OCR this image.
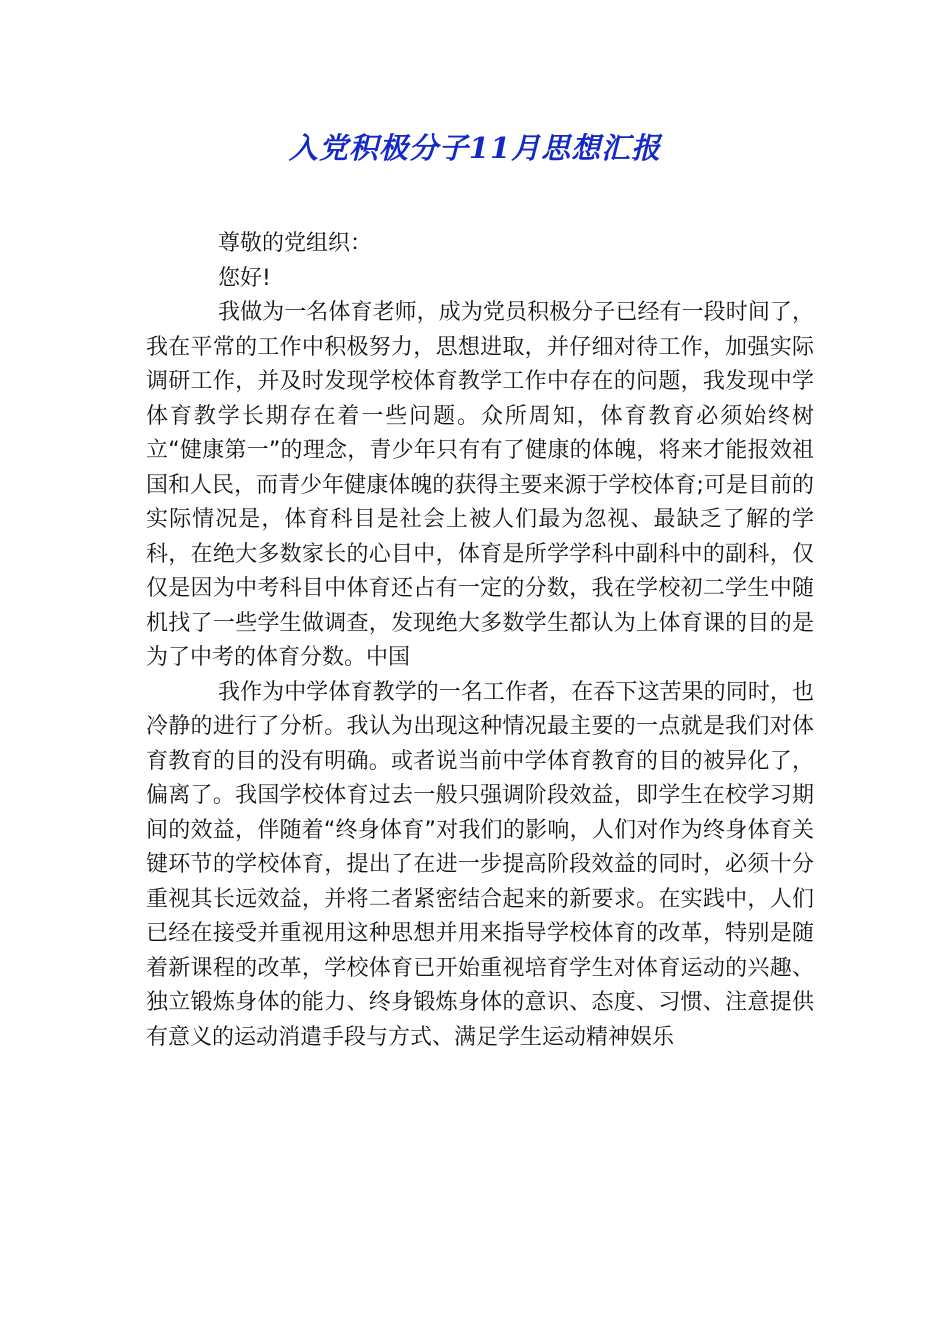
入党积极分子11月思想汇报

尊敬的党组织：

您好!

我做为一名体育老师，成为党员积极分子已经有一段时间了，我在平常的工作中积极努力，思想进取，并仔细对待工作，加强实际调研工作，并及时发现学校体育教学工作中存在的问题，我发现中学体育教学长期存在着一些问题。众所周知，体育教育必须始终树立“健康第一”的理念，青少年只有有了健康的体魄，将来才能报效祖国和人民，而青少年健康体魄的获得主要来源于学校体育;可是目前的实际情况是，体育科目是社会上被人们最为忽视、最缺乏了解的学科，在绝大多数家长的心目中，体育是所学学科中副科中的副科，仅仅是因为中考科目中体育还占有一定的分数，我在学校初二学生中随机找了一些学生做调查，发现绝大多数学生都认为上体育课的目的是为了中考的体育分数。中国

我作为中学体育教学的一名工作者，在吞下这苦果的同时，也冷静的进行了分析。我认为出现这种情况最主要的一点就是我们对体育教育的目的没有明确。或者说当前中学体育教育的目的被异化了，偏离了。我国学校体育过去一般只强调阶段效益，即学生在校学习期间的效益，伴随着“终身体育”对我们的影响，人们对作为终身体育关键环节的学校体育，提出了在进一步提高阶段效益的同时，必须十分重视其长远效益，并将二者紧密结合起来的新要求。在实践中，人们已经在接受并重视用这种思想并用来指导学校体育的改革，特别是随着新课程的改革，学校体育已开始重视培育学生对体育运动的兴趣、独立锻炼身体的能力、终身锻炼身体的意识、态度、习惯、注意提供有意义的运动消遣手段与方式、满足学生运动精神娱乐
